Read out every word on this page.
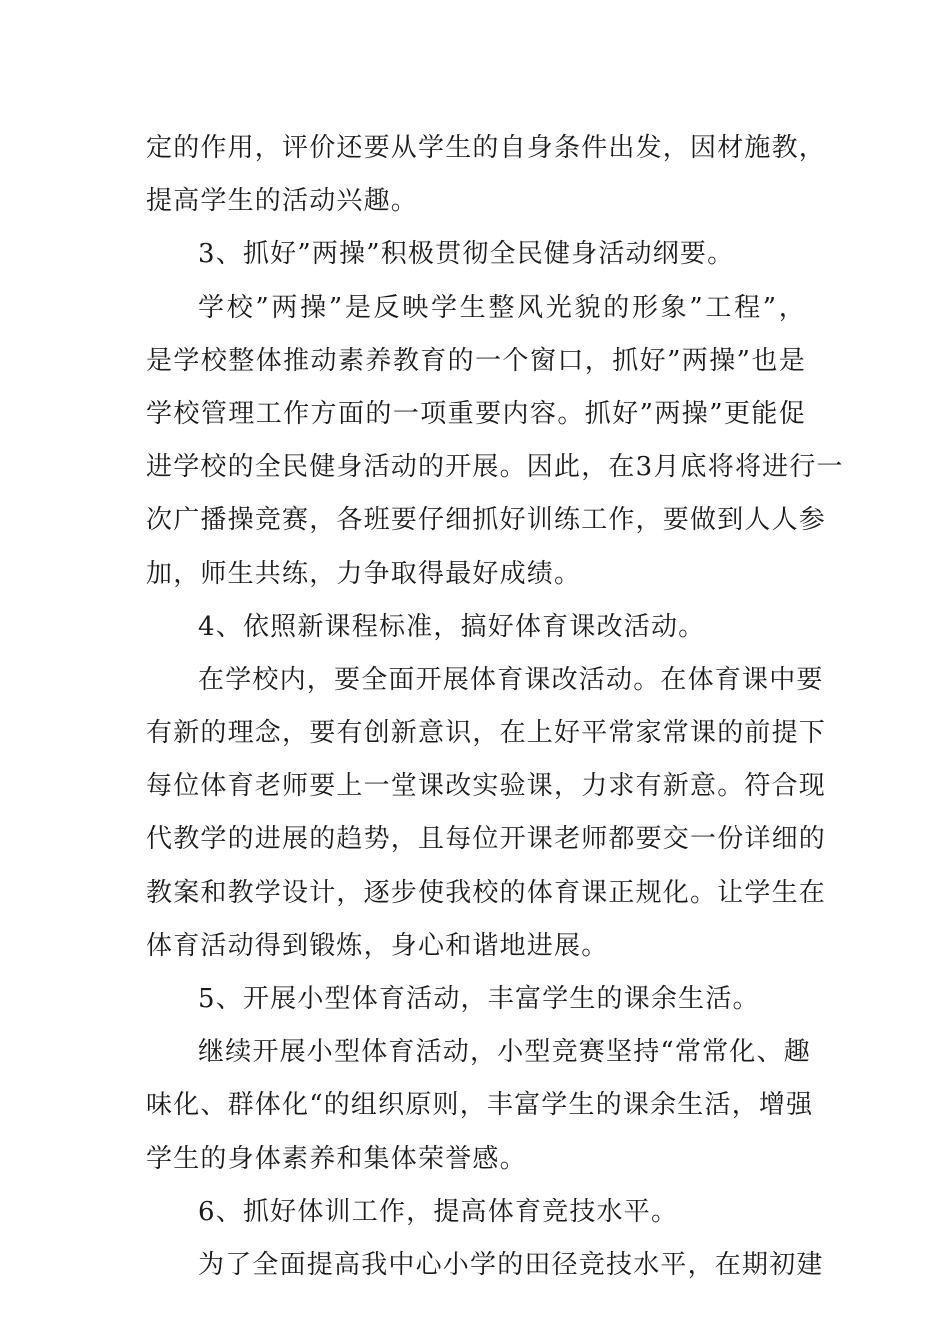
定的作用，评价还要从学生的自身条件出发，因材施教，
提高学生的活动兴趣。
3、抓好”两操”积极贯彻全民健身活动纲要。
学校”两操”是反映学生整风光貌的形象”工程”，
是学校整体推动素养教育的一个窗口，抓好”两操”也是
学校管理工作方面的一项重要内容。抓好”两操”更能促
进学校的全民健身活动的开展。因此，在3月底将将进行一
次广播操竞赛，各班要仔细抓好训练工作，要做到人人参
加，师生共练，力争取得最好成绩。
4、依照新课程标准，搞好体育课改活动。
在学校内，要全面开展体育课改活动。在体育课中要
有新的理念，要有创新意识，在上好平常家常课的前提下
每位体育老师要上一堂课改实验课，力求有新意。符合现
代教学的进展的趋势，且每位开课老师都要交一份详细的
教案和教学设计，逐步使我校的体育课正规化。让学生在
体育活动得到锻炼，身心和谐地进展。
5、开展小型体育活动，丰富学生的课余生活。
继续开展小型体育活动，小型竞赛坚持“常常化、趣
味化、群体化“的组织原则，丰富学生的课余生活，增强
学生的身体素养和集体荣誉感。
6、抓好体训工作，提高体育竞技水平。
为了全面提高我中心小学的田径竞技水平，在期初建
